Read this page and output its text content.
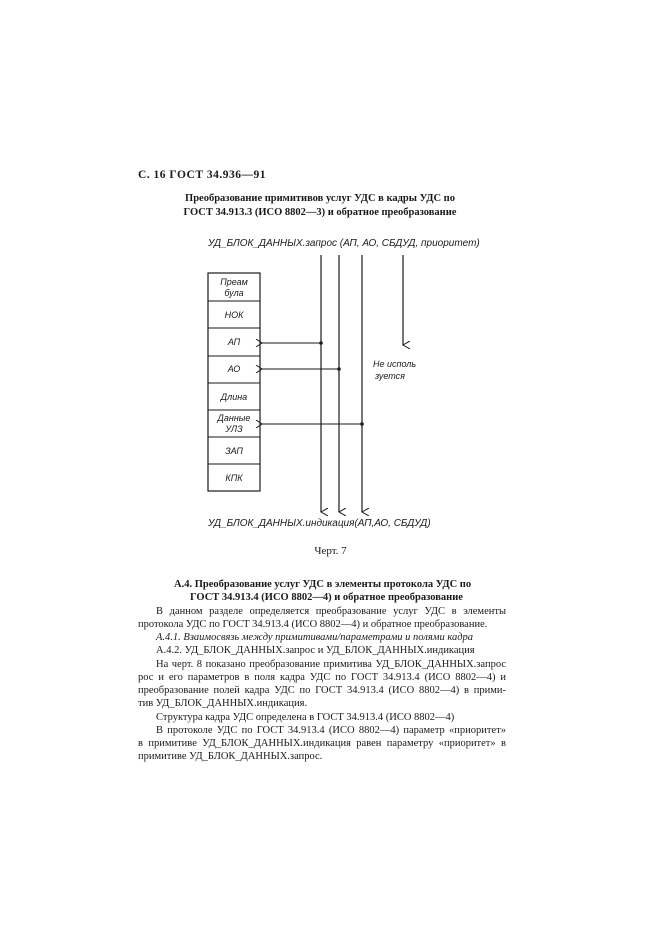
С. 16 ГОСТ 34.936—91
Преобразование примитивов услуг УДС в кадры УДС по
ГОСТ 34.913.3 (ИСО 8802—3) и обратное преобразование
УД_БЛОК_ДАННЫХ.запрос (АП, АО, СБДУД, приоритет)
Преам
була
НОК
АП
АО
Длина
Данные
УЛЗ
ЗАП
КПК
Не исполь
зуется
УД_БЛОК_ДАННЫХ.индикация(АП,АО, СБДУД)
Черт. 7
А.4. Преобразование услуг УДС в элементы протокола УДС по
ГОСТ 34.913.4 (ИСО 8802—4) и обратное преобразование
В данном разделе определяется преобразование услуг УДС в элементы
протокола УДС по ГОСТ 34.913.4 (ИСО 8802—4) и обратное преобразование.
А.4.1. Взаимосвязь между примитивами/параметрами и полями кадра
А.4.2. УД_БЛОК_ДАННЫХ.запрос и УД_БЛОК_ДАННЫХ.индикация
На черт. 8 показано преобразование примитива УД_БЛОК_ДАННЫХ.запрос
рос и его параметров в поля кадра УДС по ГОСТ 34.913.4 (ИСО 8802—4) и
преобразование полей кадра УДС по ГОСТ 34.913.4 (ИСО 8802—4) в прими-
тив УД_БЛОК_ДАННЫХ.индикация.
Структура кадра УДС определена в ГОСТ 34.913.4 (ИСО 8802—4)
В протоколе УДС по ГОСТ 34.913.4 (ИСО 8802—4) параметр «приоритет»
в примитиве УД_БЛОК_ДАННЫХ.индикация равен параметру «приоритет» в
примитиве УД_БЛОК_ДАННЫХ.запрос.
